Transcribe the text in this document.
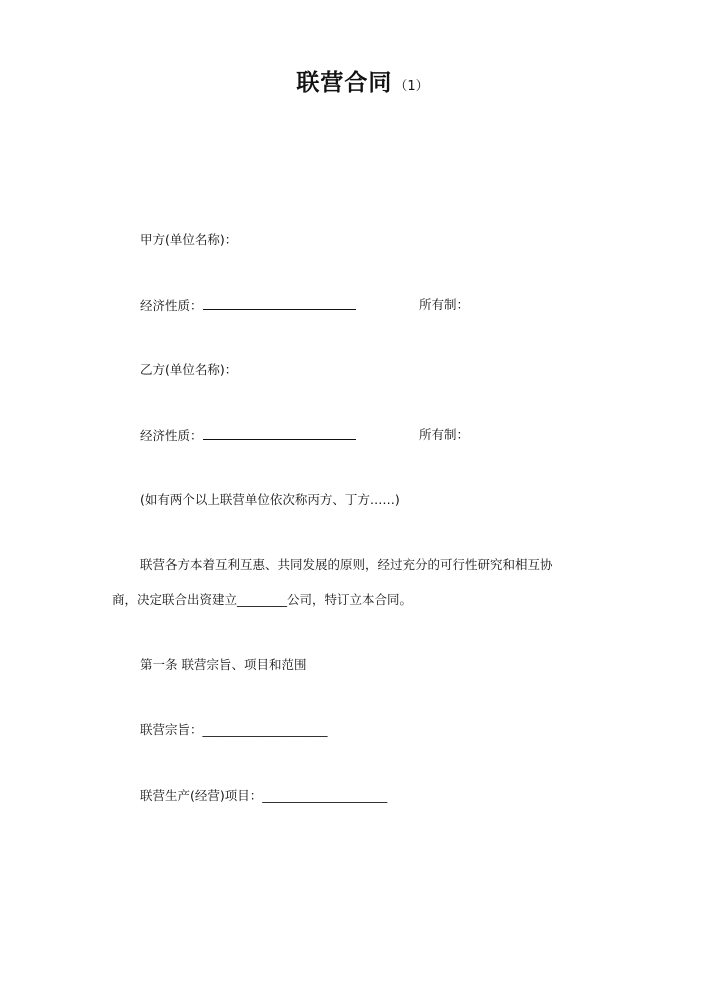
联营合同 （1）
甲方(单位名称)：
经济性质：	所有制：
乙方(单位名称)：
经济性质：	所有制：
(如有两个以上联营单位依次称丙方、丁方……)
联营各方本着互利互惠、共同发展的原则，经过充分的可行性研究和相互协
商，决定联合出资建立________公司，特订立本合同。
第一条 联营宗旨、项目和范围
联营宗旨：____________________
联营生产(经营)项目：____________________
